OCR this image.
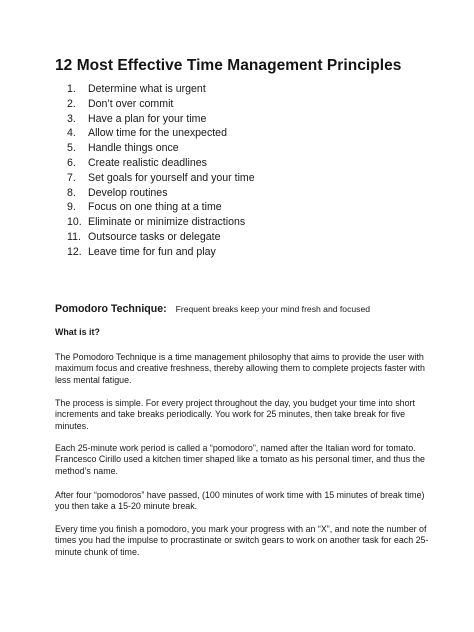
12 Most Effective Time Management Principles
1.	Determine what is urgent
2.	Don’t over commit
3.	Have a plan for your time
4.	Allow time for the unexpected
5.	Handle things once
6.	Create realistic deadlines
7.	Set goals for yourself and your time
8.	Develop routines
9.	Focus on one thing at a time
10. Eliminate or minimize distractions
11. Outsource tasks or delegate
12. Leave time for fun and play
Pomodoro Technique: Frequent breaks keep your mind fresh and focused
What is it?

The Pomodoro Technique is a time management philosophy that aims to provide the user with
maximum focus and creative freshness, thereby allowing them to complete projects faster with
less mental fatigue.

The process is simple. For every project throughout the day, you budget your time into short
increments and take breaks periodically. You work for 25 minutes, then take break for five
minutes.

Each 25-minute work period is called a “pomodoro”, named after the Italian word for tomato.
Francesco Cirillo used a kitchen timer shaped like a tomato as his personal timer, and thus the
method’s name.

After four “pomodoros” have passed, (100 minutes of work time with 15 minutes of break time)
you then take a 15-20 minute break.

Every time you finish a pomodoro, you mark your progress with an “X”, and note the number of
times you had the impulse to procrastinate or switch gears to work on another task for each 25-
minute chunk of time.
